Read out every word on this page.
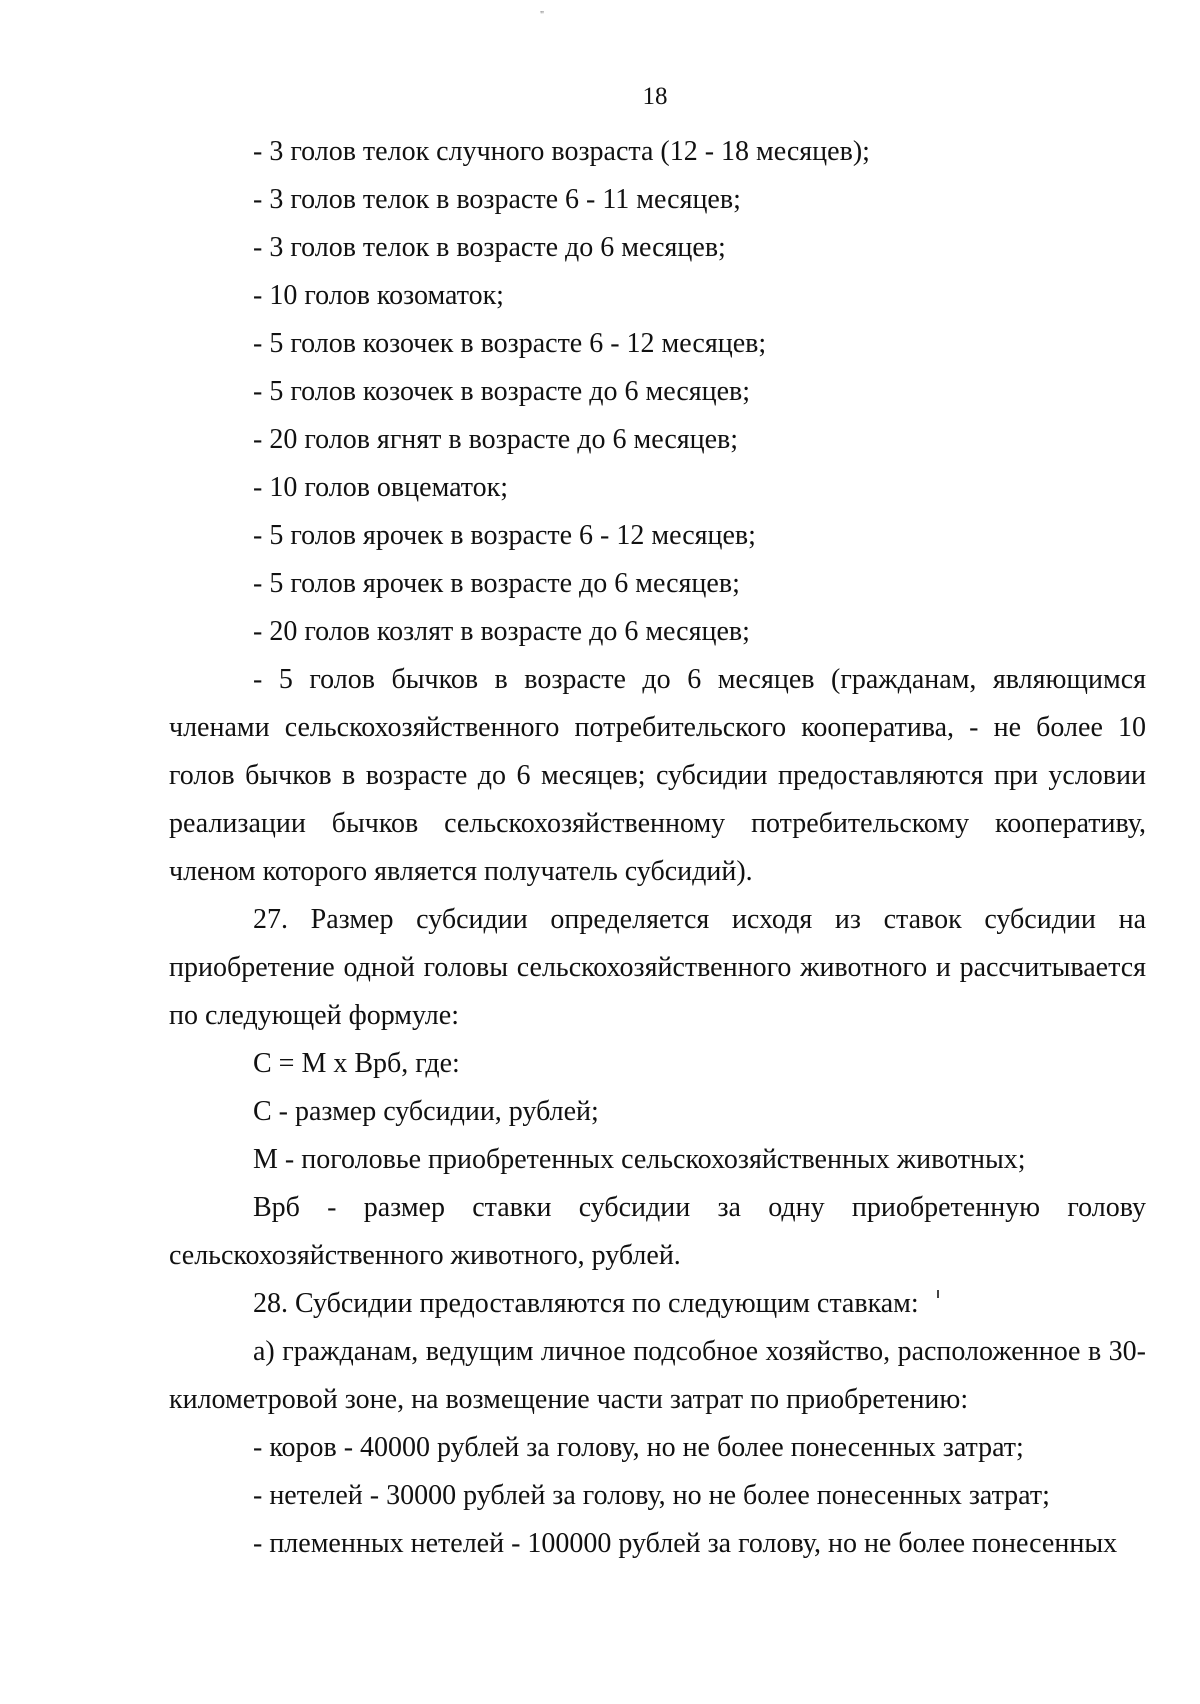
"
18

- 3 голов телок случного возраста (12 - 18 месяцев);

- 3 голов телок в возрасте 6 - 11 месяцев;

- 3 голов телок в возрасте до 6 месяцев;

- 10 голов козоматок;

- 5 голов козочек в возрасте 6 - 12 месяцев;

- 5 голов козочек в возрасте до 6 месяцев;

- 20 голов ягнят в возрасте до 6 месяцев;

- 10 голов овцематок;

- 5 голов ярочек в возрасте 6 - 12 месяцев;

- 5 голов ярочек в возрасте до 6 месяцев;

- 20 голов козлят в возрасте до 6 месяцев;

- 5 голов бычков в возрасте до 6 месяцев (гражданам, являющимся членами сельскохозяйственного потребительского кооператива, - не более 10 голов бычков в возрасте до 6 месяцев; субсидии предоставляются при условии реализации бычков сельскохозяйственному потребительскому кооперативу, членом которого является получатель субсидий).

27. Размер субсидии определяется исходя из ставок субсидии на приобретение одной головы сельскохозяйственного животного и рассчитывается по следующей формуле:

С = М х Врб, где:

С - размер субсидии, рублей;

М - поголовье приобретенных сельскохозяйственных животных;

Врб - размер ставки субсидии за одну приобретенную голову сельскохозяйственного животного, рублей.

28. Субсидии предоставляются по следующим ставкам:

а) гражданам, ведущим личное подсобное хозяйство, расположенное в 30-километровой зоне, на возмещение части затрат по приобретению:

- коров - 40000 рублей за голову, но не более понесенных затрат;

- нетелей - 30000 рублей за голову, но не более понесенных затрат;

- племенных нетелей - 100000 рублей за голову, но не более понесенных
